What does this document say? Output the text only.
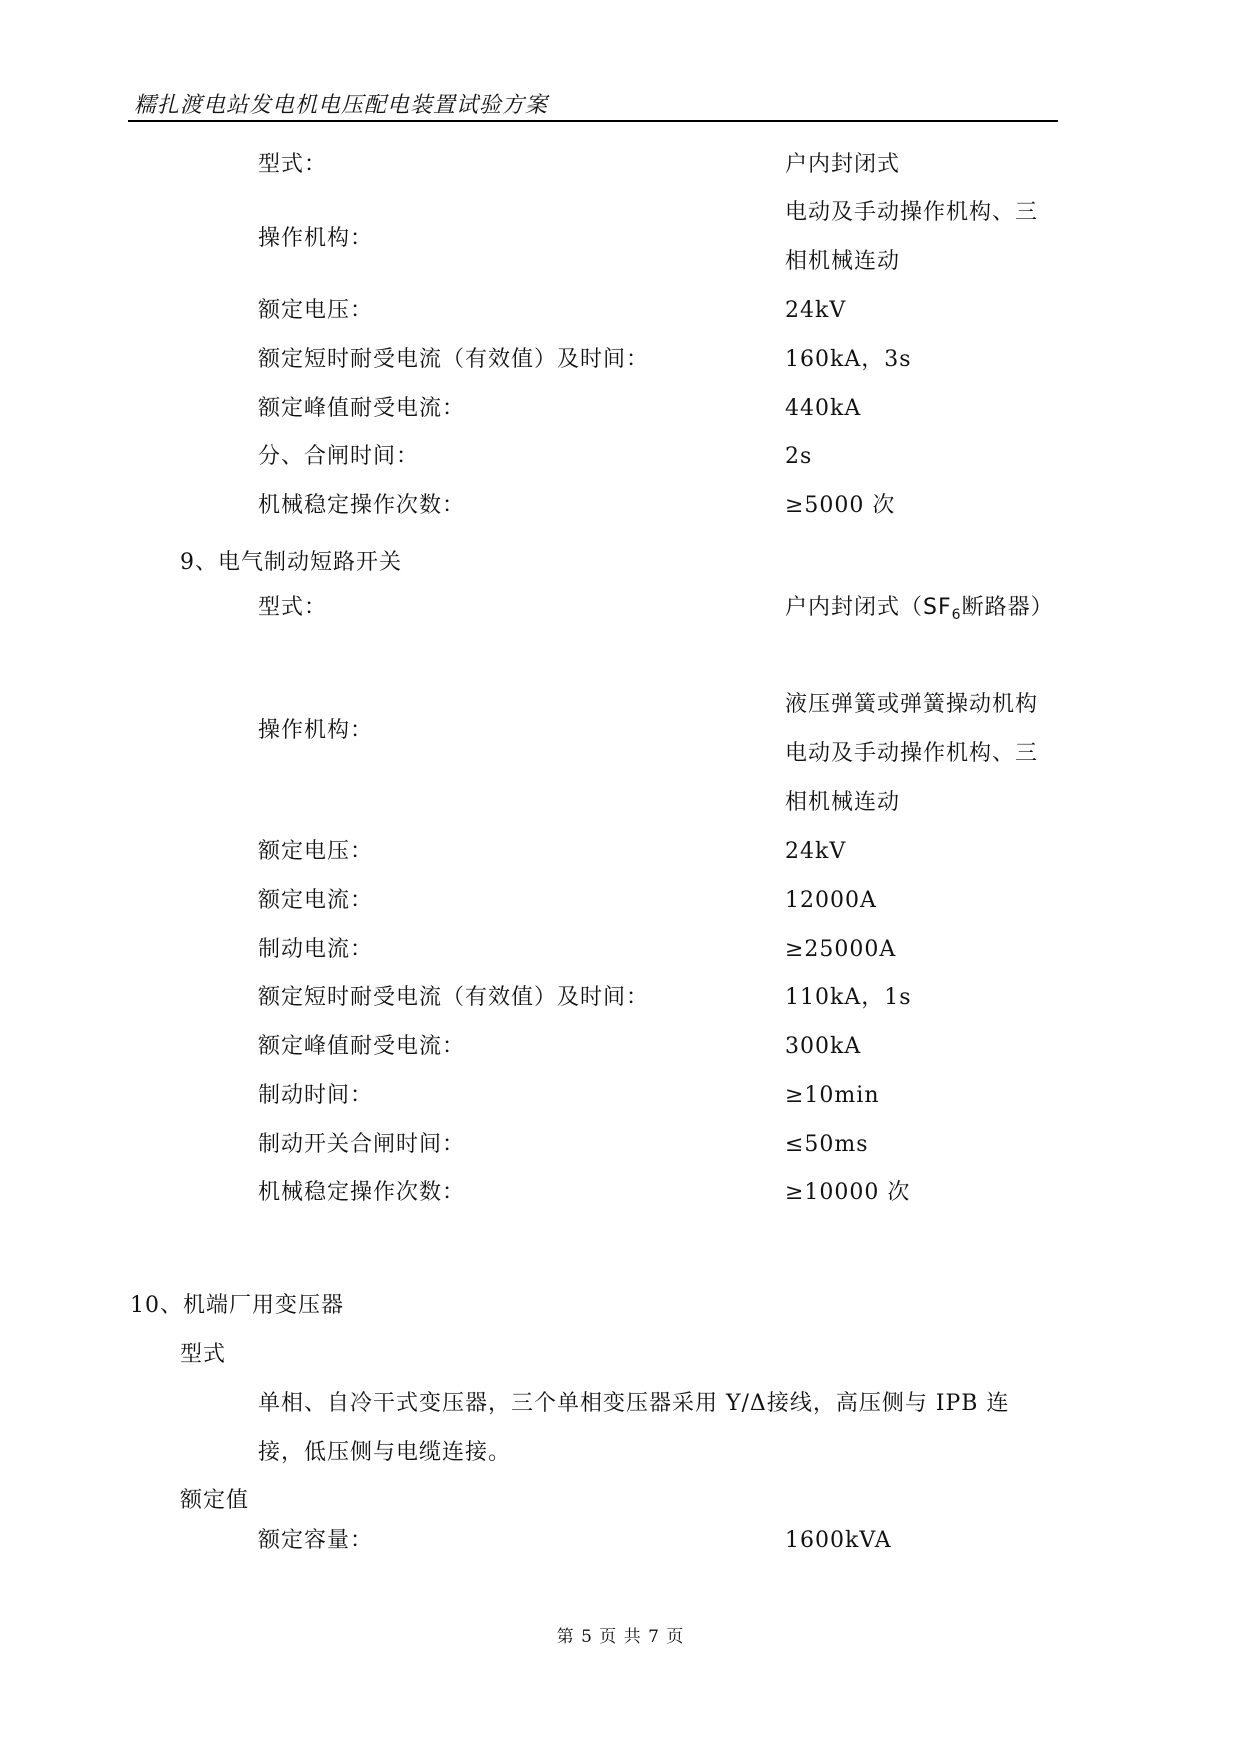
糯扎渡电站发电机电压配电装置试验方案
型式：	户内封闭式
操作机构：
电动及手动操作机构、三
相机械连动
额定电压：	24kV
额定短时耐受电流（有效值）及时间：	160kA，3s
额定峰值耐受电流：	440kA
分、合闸时间：	2s
机械稳定操作次数：	≥5000 次
9、电气制动短路开关
型式：	户内封闭式（$SF_6$断路器）
操作机构：
液压弹簧或弹簧操动机构
电动及手动操作机构、三
相机械连动
额定电压：	24kV
额定电流：	12000A
制动电流：	≥25000A
额定短时耐受电流（有效值）及时间：	110kA，1s
额定峰值耐受电流：	300kA
制动时间：	≥10min
制动开关合闸时间：	≤50ms
机械稳定操作次数：	≥10000 次
10、机端厂用变压器
型式
单相、自冷干式变压器，三个单相变压器采用 Y/Δ接线，高压侧与 IPB 连
接，低压侧与电缆连接。
额定值
额定容量：	1600kVA
第 5 页 共 7 页
